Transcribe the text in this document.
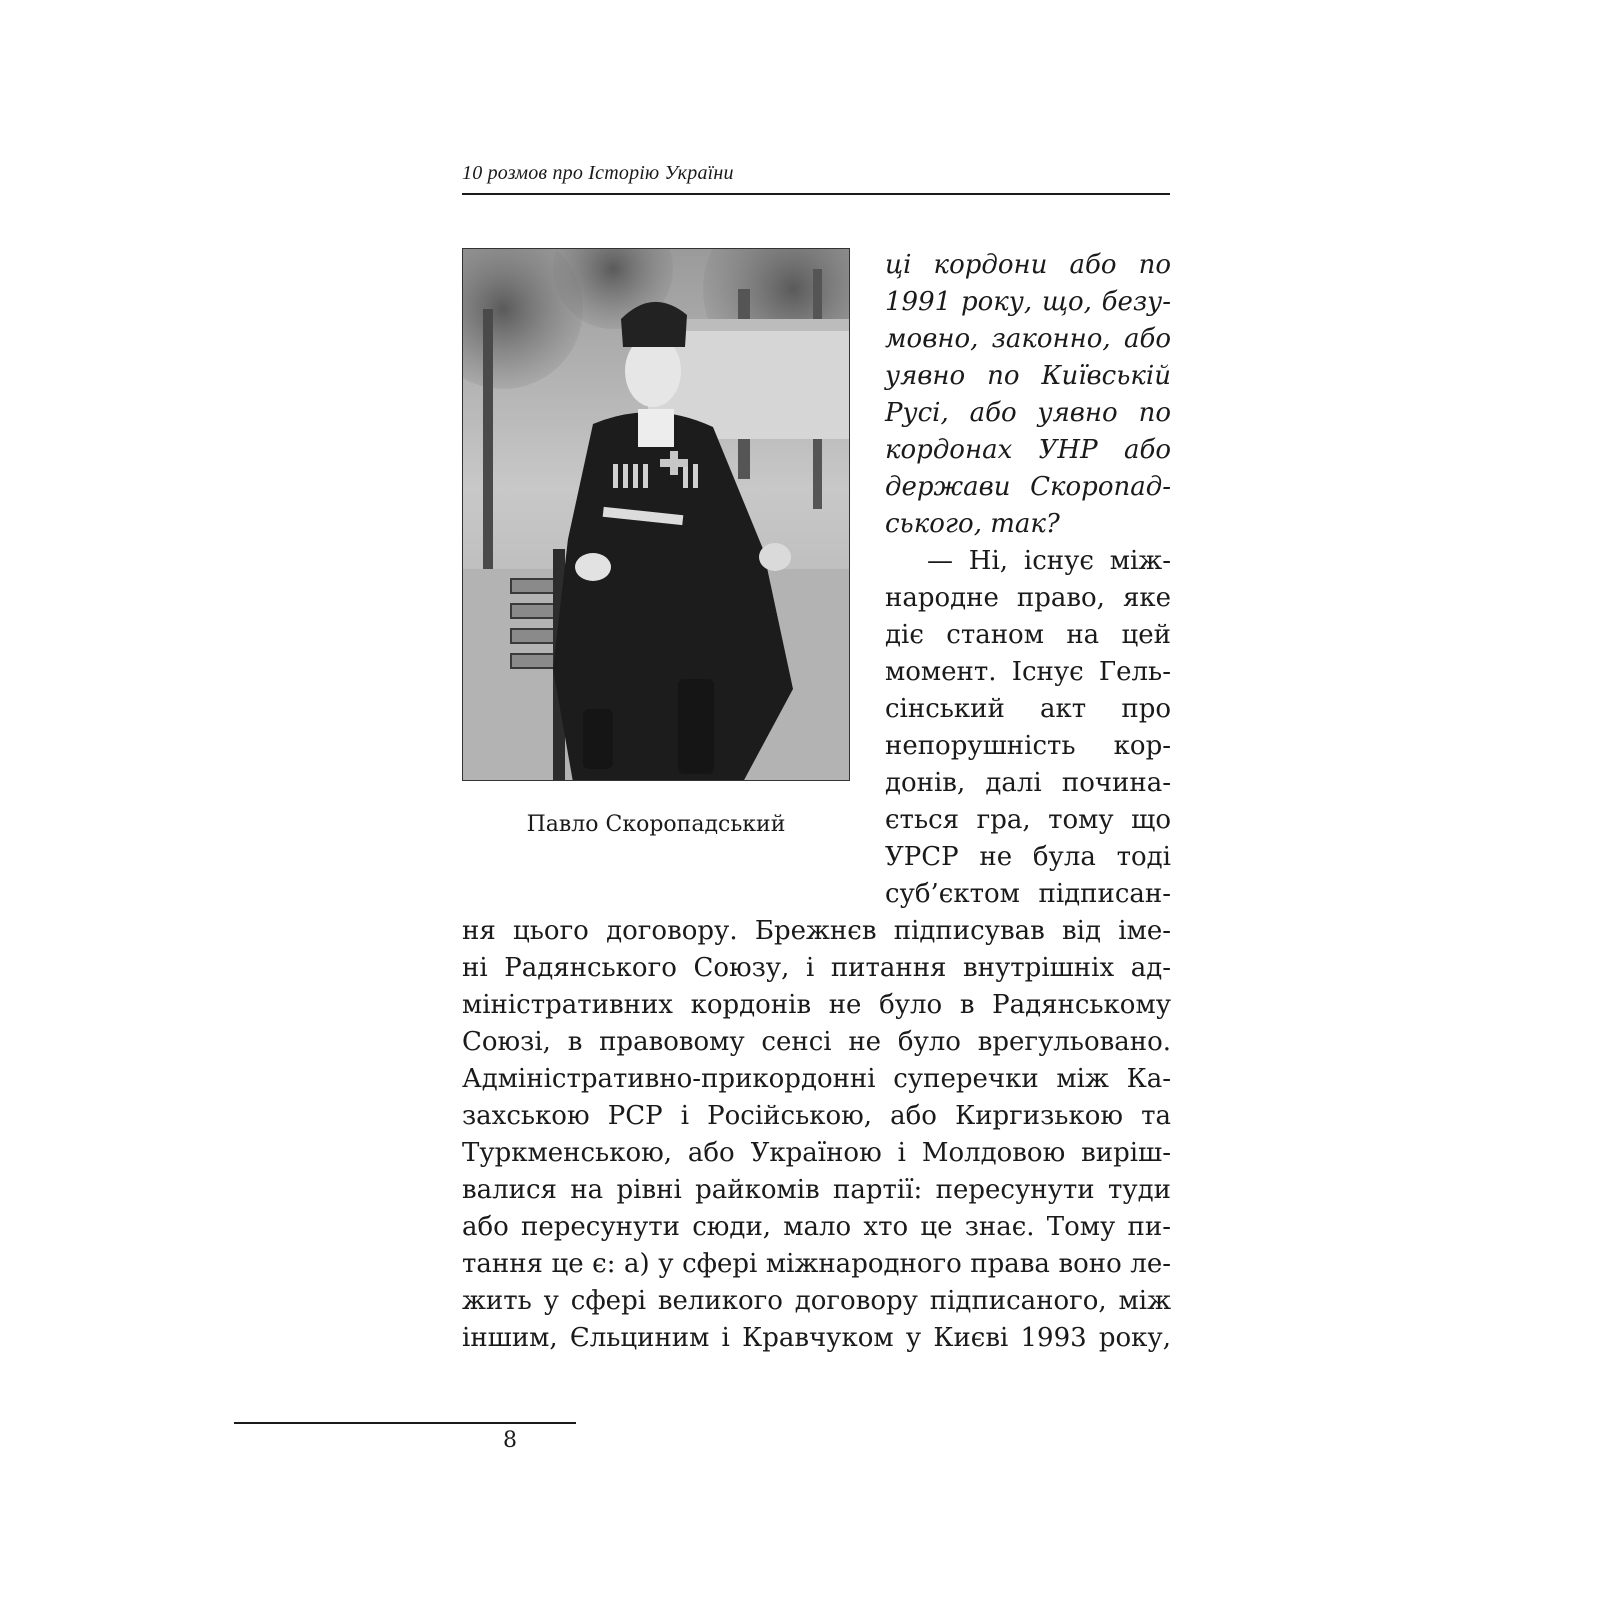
10 розмов про Історію України
Павло Скоропадський
ці кордони або по
1991 року, що, безу-
мовно, законно, або
уявно по Київській
Русі, або уявно по
кордонах УНР або
держави Скоропад-
ського, так?
— Ні, існує між-
народне право, яке
діє станом на цей
момент. Існує Гель-
сінський акт про
непорушність кор-
донів, далі почина-
ється гра, тому що
УРСР не була тоді
суб’єктом підписан-
ня цього договору. Брежнєв підписував від іме-
ні Радянського Союзу, і питання внутрішніх ад-
міністративних кордонів не було в Радянському
Союзі, в правовому сенсі не було врегульовано.
Адміністративно-прикордонні суперечки між Ка-
захською РСР і Російською, або Киргизькою та
Туркменською, або Україною і Молдовою виріш-
валися на рівні райкомів партії: пересунути туди
або пересунути сюди, мало хто це знає. Тому пи-
тання це є: а) у сфері міжнародного права воно ле-
жить у сфері великого договору підписаного, між
іншим, Єльциним і Кравчуком у Києві 1993 року,
8
